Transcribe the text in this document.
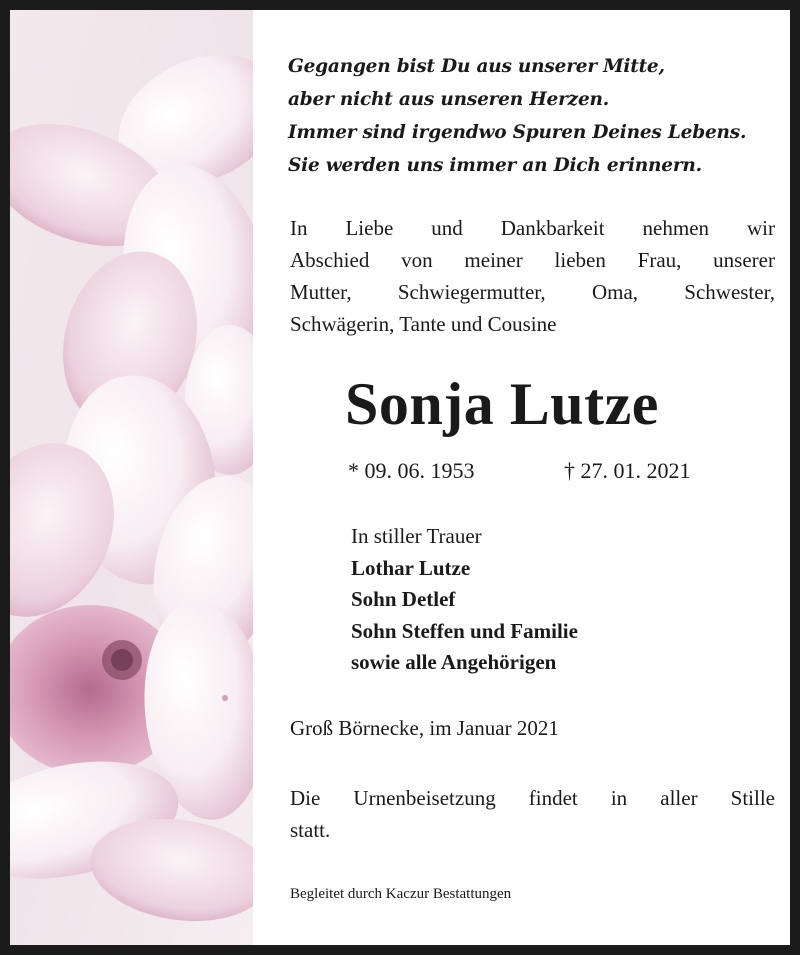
Gegangen bist Du aus unserer Mitte,
aber nicht aus unseren Herzen.
Immer sind irgendwo Spuren Deines Lebens.
Sie werden uns immer an Dich erinnern.
In Liebe und Dankbarkeit nehmen wir
Abschied von meiner lieben Frau, unserer
Mutter, Schwiegermutter, Oma, Schwester,
Schwägerin, Tante und Cousine
Sonja Lutze
* 09. 06. 1953	† 27. 01. 2021
In stiller Trauer
Lothar Lutze
Sohn Detlef
Sohn Steffen und Familie
sowie alle Angehörigen
Groß Börnecke, im Januar 2021
Die Urnenbeisetzung findet in aller Stille
statt.
Begleitet durch Kaczur Bestattungen
